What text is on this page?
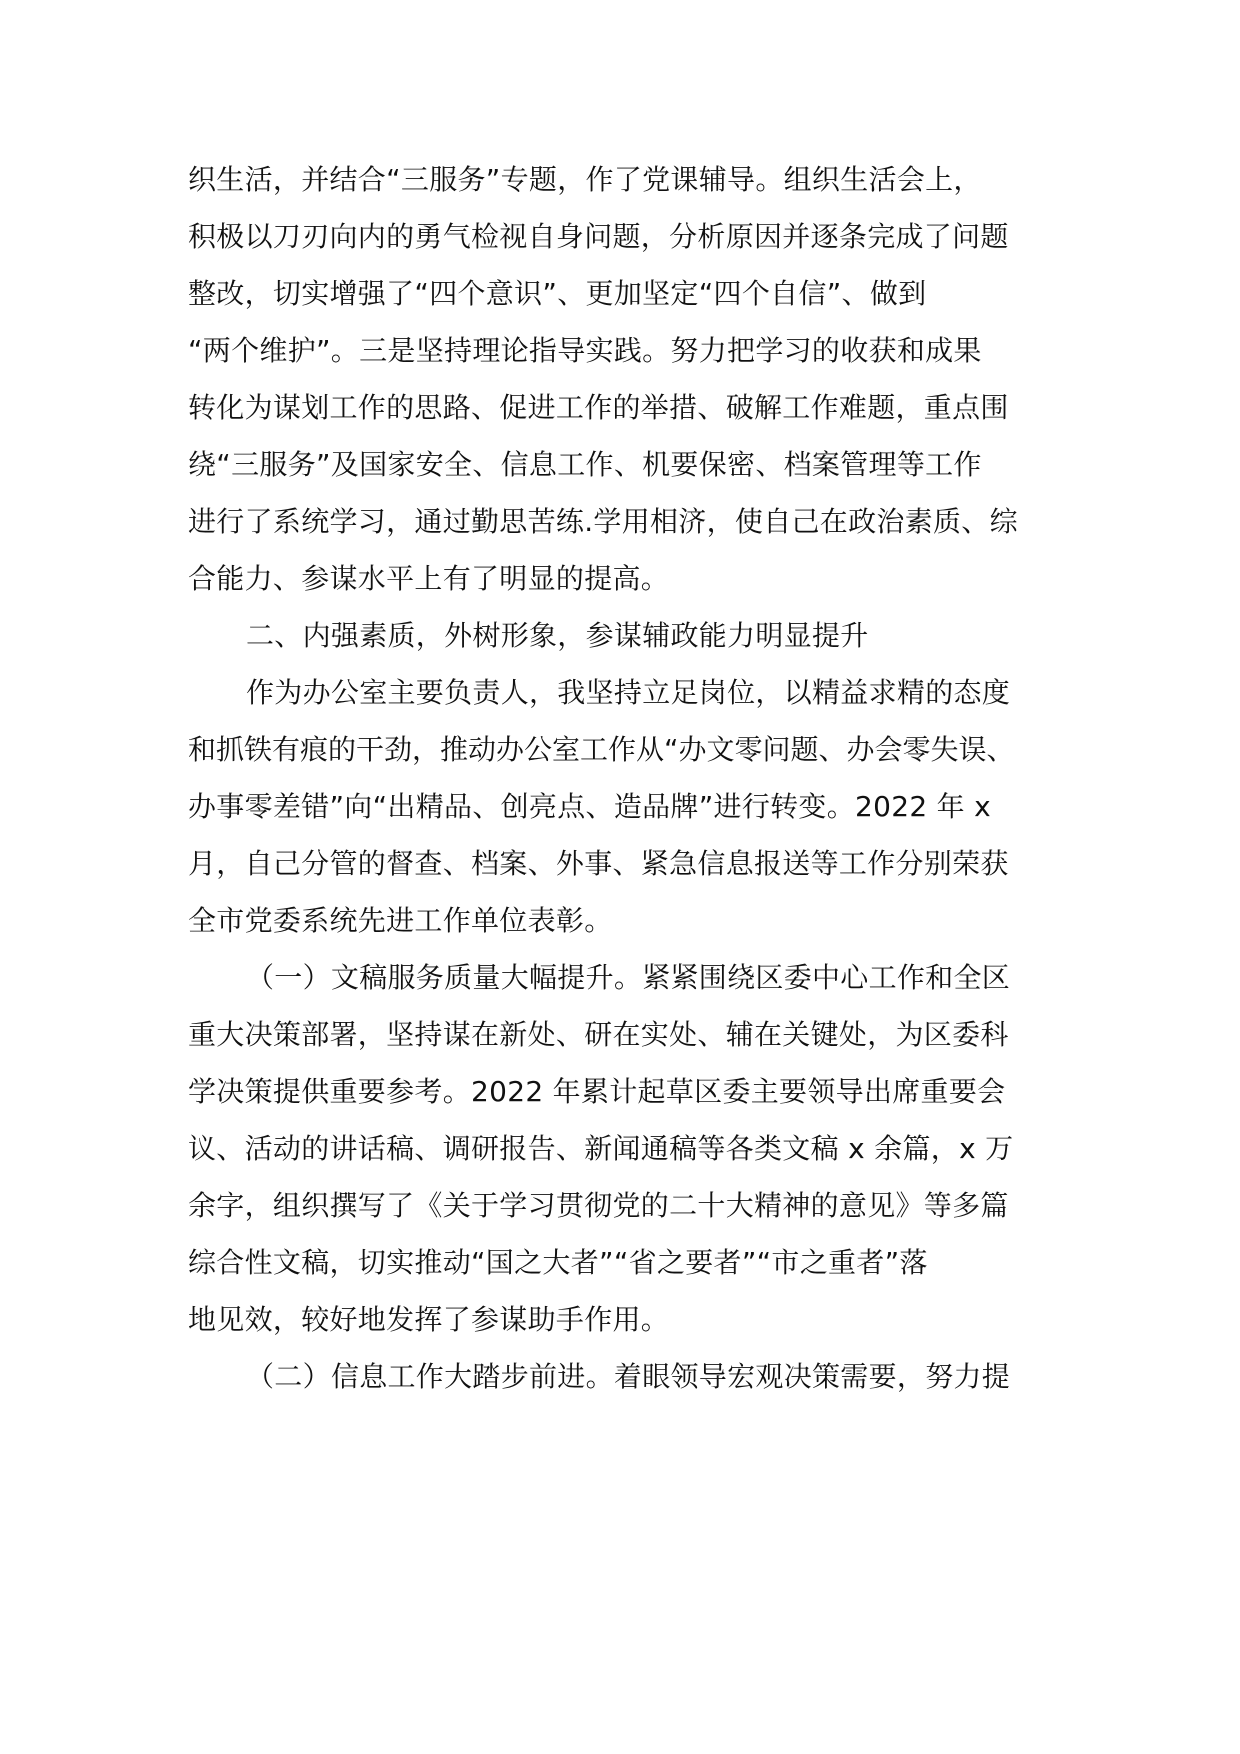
织生活，并结合“三服务”专题，作了党课辅导。组织生活会上，
积极以刀刃向内的勇气检视自身问题，分析原因并逐条完成了问题
整改，切实增强了“四个意识”、更加坚定“四个自信”、做到
“两个维护”。三是坚持理论指导实践。努力把学习的收获和成果
转化为谋划工作的思路、促进工作的举措、破解工作难题，重点围
绕“三服务”及国家安全、信息工作、机要保密、档案管理等工作
进行了系统学习，通过勤思苦练.学用相济，使自己在政治素质、综
合能力、参谋水平上有了明显的提高。
二、内强素质，外树形象，参谋辅政能力明显提升
作为办公室主要负责人，我坚持立足岗位，以精益求精的态度
和抓铁有痕的干劲，推动办公室工作从“办文零问题、办会零失误、
办事零差错”向“出精品、创亮点、造品牌”进行转变。2022 年 x
月，自己分管的督查、档案、外事、紧急信息报送等工作分别荣获
全市党委系统先进工作单位表彰。
（一）文稿服务质量大幅提升。紧紧围绕区委中心工作和全区
重大决策部署，坚持谋在新处、研在实处、辅在关键处，为区委科
学决策提供重要参考。2022 年累计起草区委主要领导出席重要会
议、活动的讲话稿、调研报告、新闻通稿等各类文稿 x 余篇，x 万
余字，组织撰写了《关于学习贯彻党的二十大精神的意见》等多篇
综合性文稿，切实推动“国之大者”“省之要者”“市之重者”落
地见效，较好地发挥了参谋助手作用。
（二）信息工作大踏步前进。着眼领导宏观决策需要，努力提
